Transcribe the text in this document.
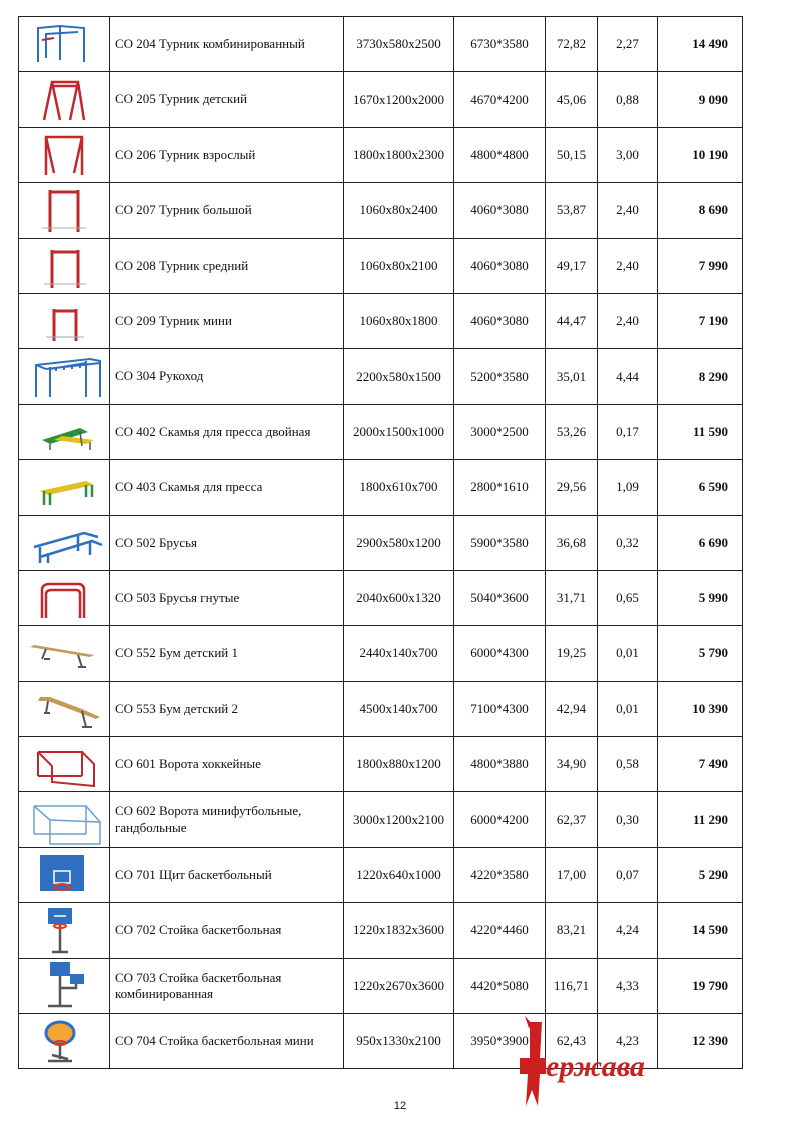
	СО 204 Турник комбинированный	3730x580x2500	6730*3580	72,82	2,27	14 490

	СО 205 Турник детский	1670x1200x2000	4670*4200	45,06	0,88	9 090

	СО 206 Турник взрослый	1800x1800x2300	4800*4800	50,15	3,00	10 190

	СО 207 Турник большой	1060x80x2400	4060*3080	53,87	2,40	8 690

	СО 208 Турник средний	1060x80x2100	4060*3080	49,17	2,40	7 990

	СО 209 Турник мини	1060x80x1800	4060*3080	44,47	2,40	7 190

	СО 304 Рукоход	2200x580x1500	5200*3580	35,01	4,44	8 290

	СО 402 Скамья для пресса двойная	2000x1500x1000	3000*2500	53,26	0,17	11 590

	СО 403 Скамья для пресса	1800x610x700	2800*1610	29,56	1,09	6 590

	СО 502 Брусья	2900x580x1200	5900*3580	36,68	0,32	6 690

	СО 503 Брусья гнутые	2040x600x1320	5040*3600	31,71	0,65	5 990

	СО 552 Бум детский 1	2440x140x700	6000*4300	19,25	0,01	5 790

	СО 553 Бум детский 2	4500x140x700	7100*4300	42,94	0,01	10 390

	СО 601 Ворота хоккейные	1800x880x1200	4800*3880	34,90	0,58	7 490

	СО 602 Ворота минифутбольные, гандбольные	3000x1200x2100	6000*4200	62,37	0,30	11 290

	СО 701 Щит баскетбольный	1220x640x1000	4220*3580	17,00	0,07	5 290

	СО 702 Стойка баскетбольная	1220x1832x3600	4220*4460	83,21	4,24	14 590

	СО 703 Стойка баскетбольная комбинированная	1220x2670x3600	4420*5080	116,71	4,33	19 790

	СО 704 Стойка баскетбольная мини	950x1330x2100	3950*3900	62,43	4,23	12 390
ержава
12
